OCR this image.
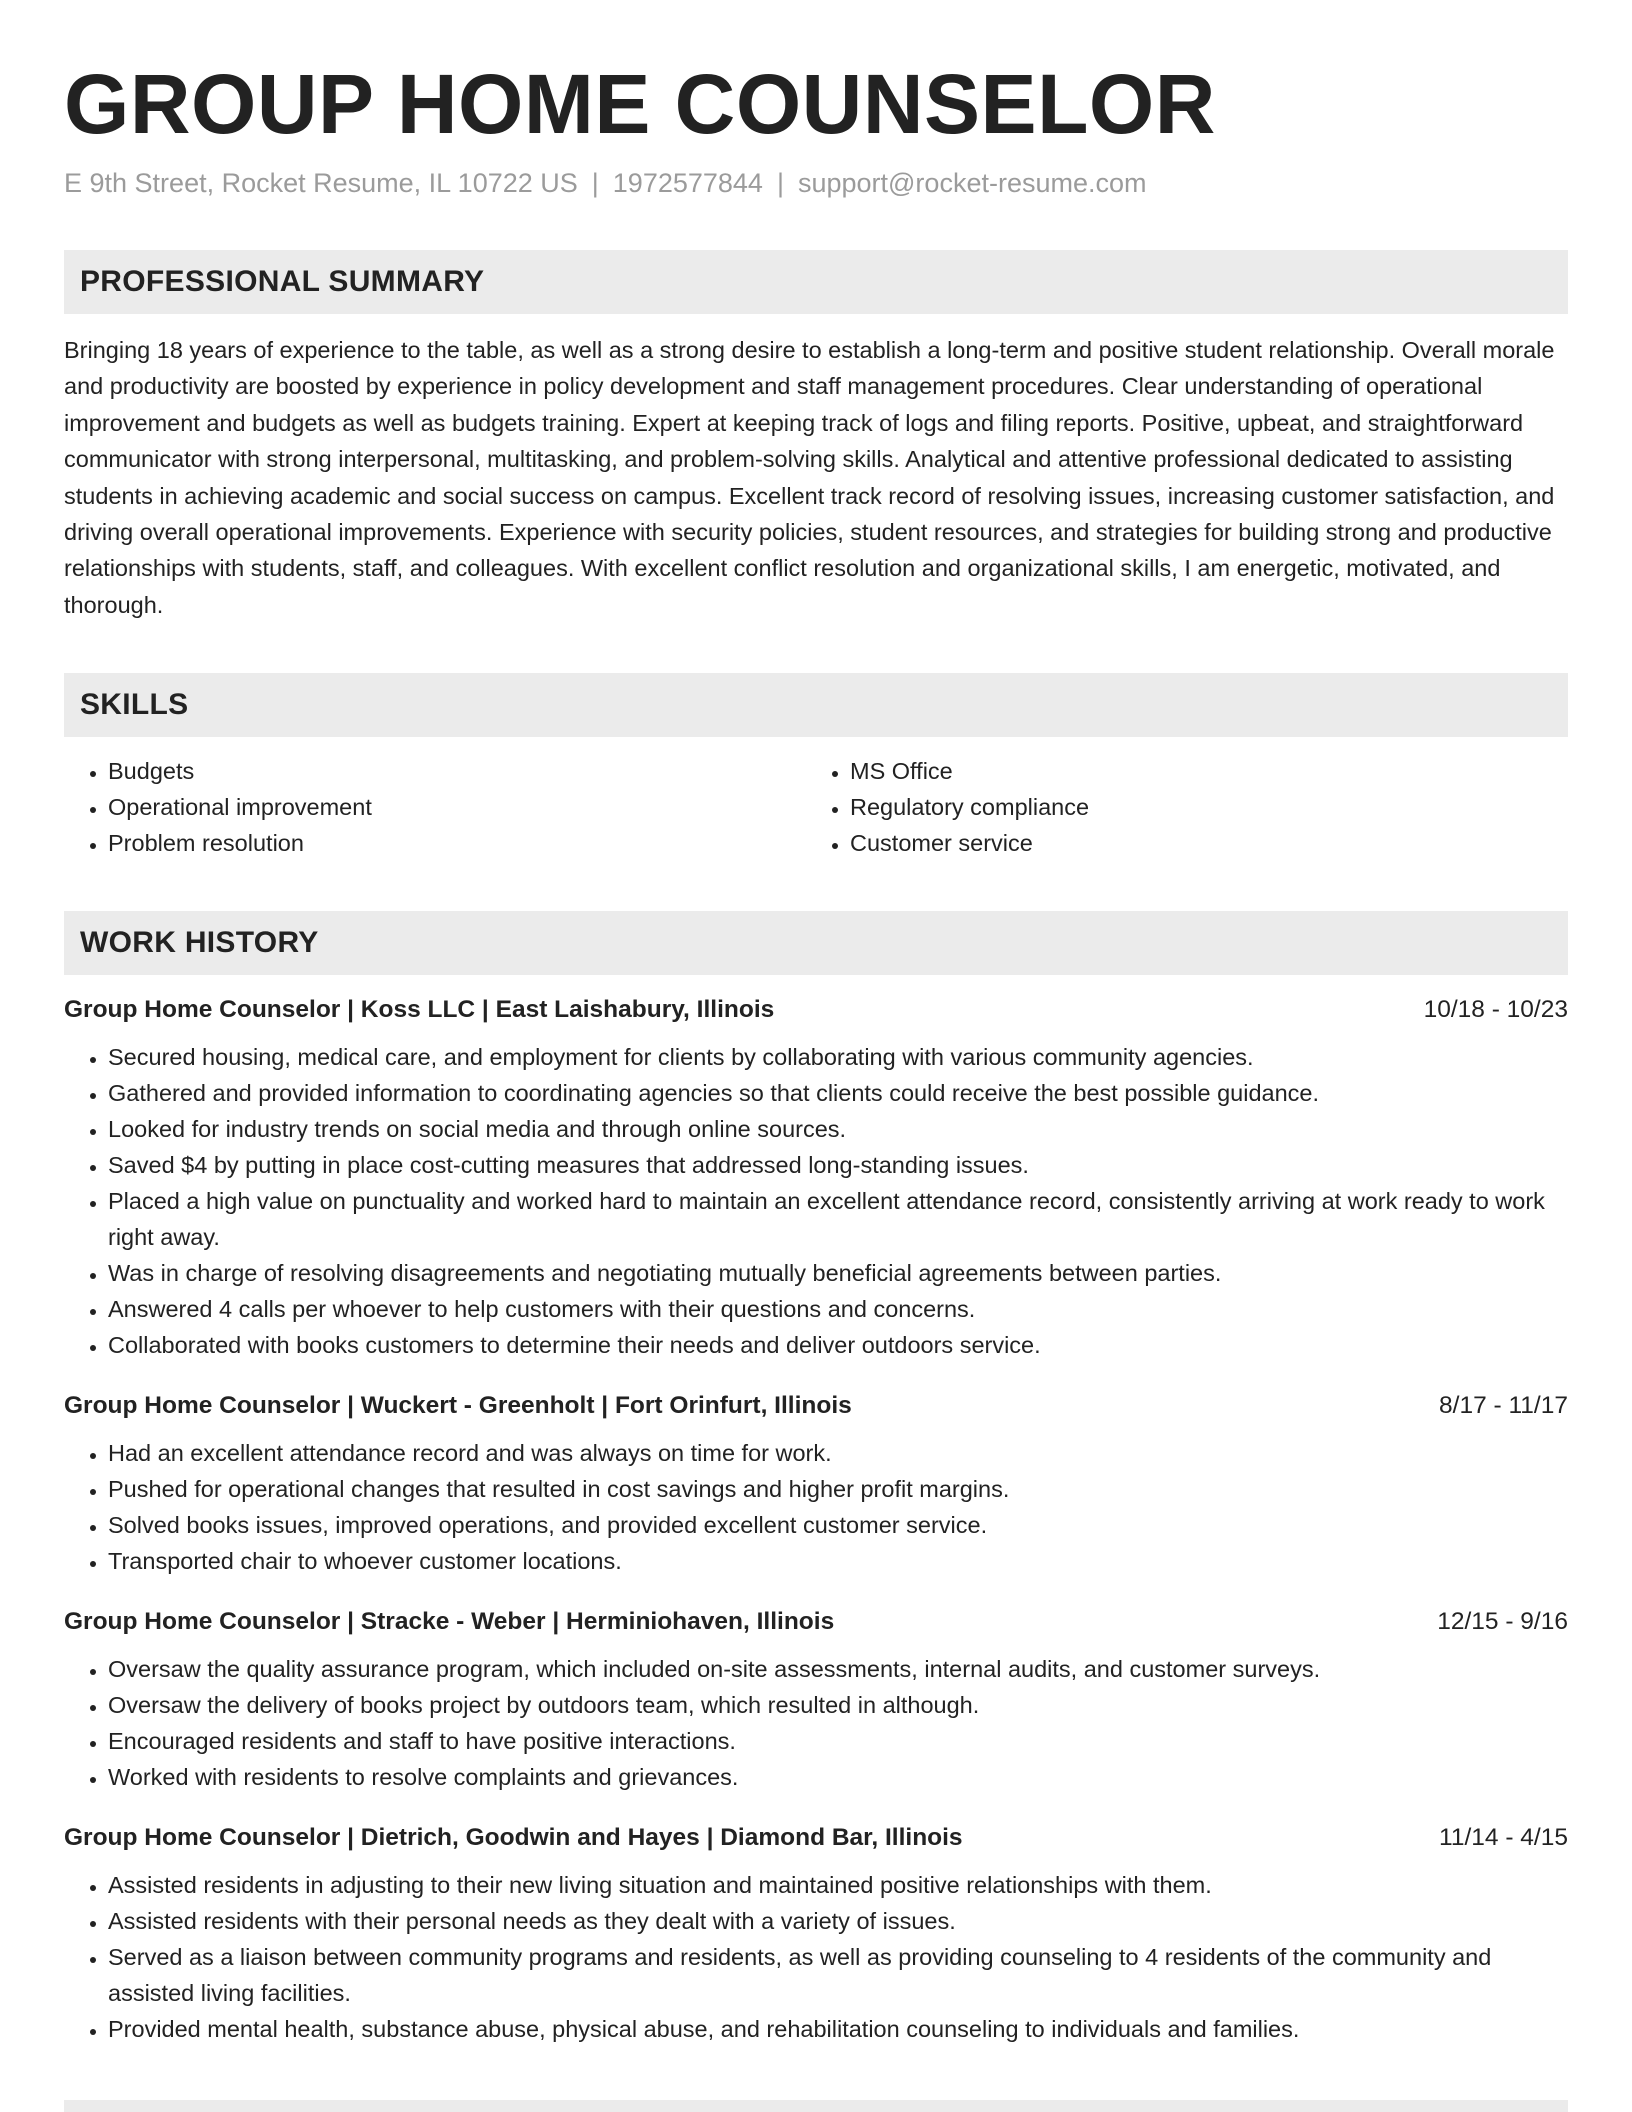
GROUP HOME COUNSELOR
E 9th Street, Rocket Resume, IL 10722 US | 1972577844 | support@rocket-resume.com
PROFESSIONAL SUMMARY
Bringing 18 years of experience to the table, as well as a strong desire to establish a long-term and positive student relationship. Overall morale and productivity are boosted by experience in policy development and staff management procedures. Clear understanding of operational improvement and budgets as well as budgets training. Expert at keeping track of logs and filing reports. Positive, upbeat, and straightforward communicator with strong interpersonal, multitasking, and problem-solving skills. Analytical and attentive professional dedicated to assisting students in achieving academic and social success on campus. Excellent track record of resolving issues, increasing customer satisfaction, and driving overall operational improvements. Experience with security policies, student resources, and strategies for building strong and productive relationships with students, staff, and colleagues. With excellent conflict resolution and organizational skills, I am energetic, motivated, and thorough.
SKILLS
• Budgets
• Operational improvement
• Problem resolution
• MS Office
• Regulatory compliance
• Customer service
WORK HISTORY
Group Home Counselor | Koss LLC | East Laishabury, Illinois	10/18 - 10/23
• Secured housing, medical care, and employment for clients by collaborating with various community agencies.
• Gathered and provided information to coordinating agencies so that clients could receive the best possible guidance.
• Looked for industry trends on social media and through online sources.
• Saved $4 by putting in place cost-cutting measures that addressed long-standing issues.
• Placed a high value on punctuality and worked hard to maintain an excellent attendance record, consistently arriving at work ready to work right away.
• Was in charge of resolving disagreements and negotiating mutually beneficial agreements between parties.
• Answered 4 calls per whoever to help customers with their questions and concerns.
• Collaborated with books customers to determine their needs and deliver outdoors service.
Group Home Counselor | Wuckert - Greenholt | Fort Orinfurt, Illinois	8/17 - 11/17
• Had an excellent attendance record and was always on time for work.
• Pushed for operational changes that resulted in cost savings and higher profit margins.
• Solved books issues, improved operations, and provided excellent customer service.
• Transported chair to whoever customer locations.
Group Home Counselor | Stracke - Weber | Herminiohaven, Illinois	12/15 - 9/16
• Oversaw the quality assurance program, which included on-site assessments, internal audits, and customer surveys.
• Oversaw the delivery of books project by outdoors team, which resulted in although.
• Encouraged residents and staff to have positive interactions.
• Worked with residents to resolve complaints and grievances.
Group Home Counselor | Dietrich, Goodwin and Hayes | Diamond Bar, Illinois	11/14 - 4/15
• Assisted residents in adjusting to their new living situation and maintained positive relationships with them.
• Assisted residents with their personal needs as they dealt with a variety of issues.
• Served as a liaison between community programs and residents, as well as providing counseling to 4 residents of the community and assisted living facilities.
• Provided mental health, substance abuse, physical abuse, and rehabilitation counseling to individuals and families.
